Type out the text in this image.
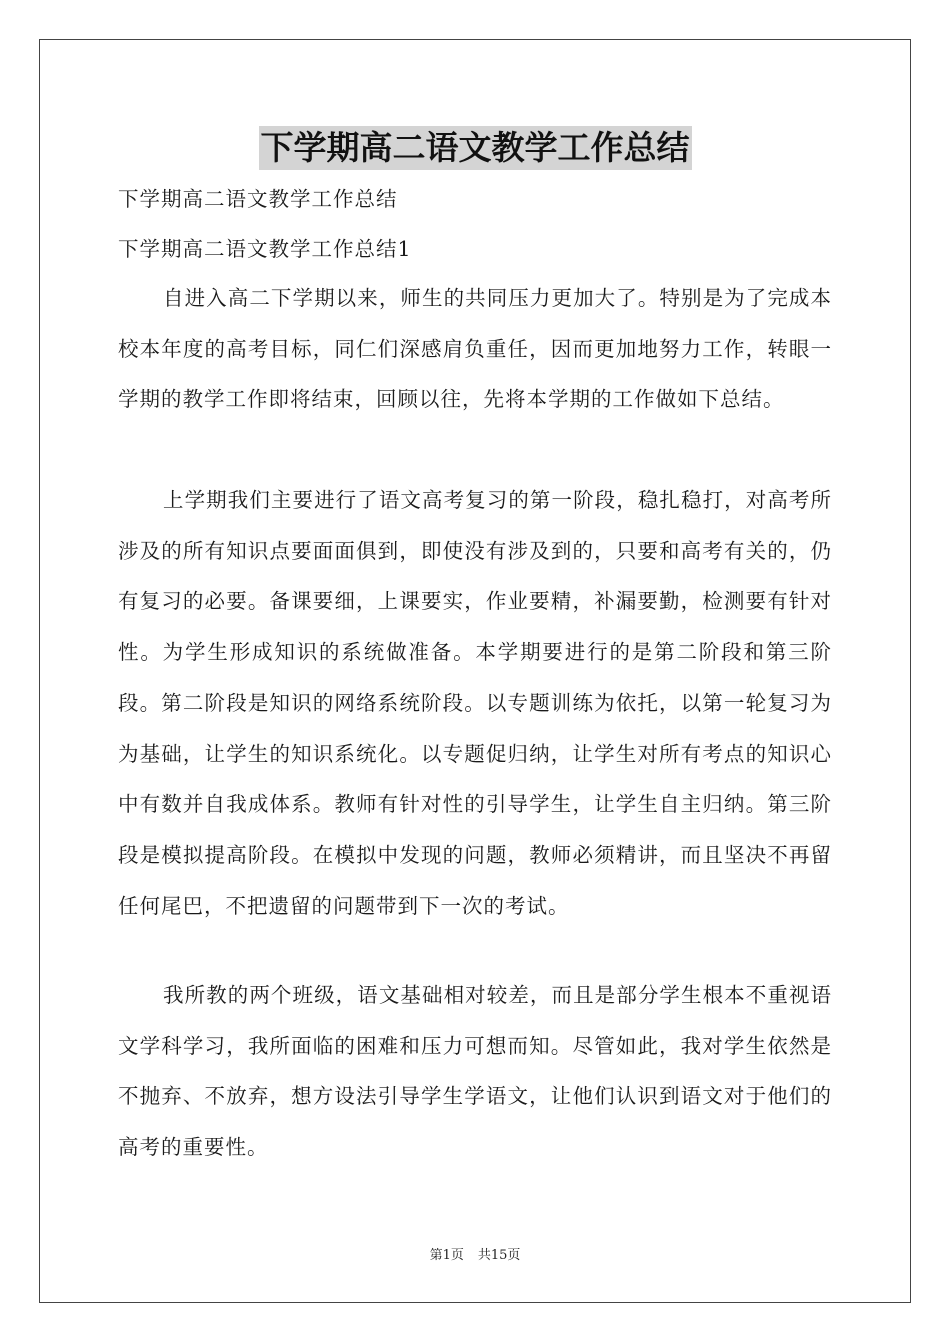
下学期高二语文教学工作总结
下学期高二语文教学工作总结
下学期高二语文教学工作总结1
自进入高二下学期以来，师生的共同压力更加大了。特别是为了完成本校本年度的高考目标，同仁们深感肩负重任，因而更加地努力工作，转眼一学期的教学工作即将结束，回顾以往，先将本学期的工作做如下总结。
上学期我们主要进行了语文高考复习的第一阶段，稳扎稳打，对高考所涉及的所有知识点要面面俱到，即使没有涉及到的，只要和高考有关的，仍有复习的必要。备课要细，上课要实，作业要精，补漏要勤，检测要有针对性。为学生形成知识的系统做准备。本学期要进行的是第二阶段和第三阶段。第二阶段是知识的网络系统阶段。以专题训练为依托，以第一轮复习为为基础，让学生的知识系统化。以专题促归纳，让学生对所有考点的知识心中有数并自我成体系。教师有针对性的引导学生，让学生自主归纳。第三阶段是模拟提高阶段。在模拟中发现的问题，教师必须精讲，而且坚决不再留任何尾巴，不把遗留的问题带到下一次的考试。
我所教的两个班级，语文基础相对较差，而且是部分学生根本不重视语文学科学习，我所面临的困难和压力可想而知。尽管如此，我对学生依然是不抛弃、不放弃，想方设法引导学生学语文，让他们认识到语文对于他们的高考的重要性。
第1页 共15页
